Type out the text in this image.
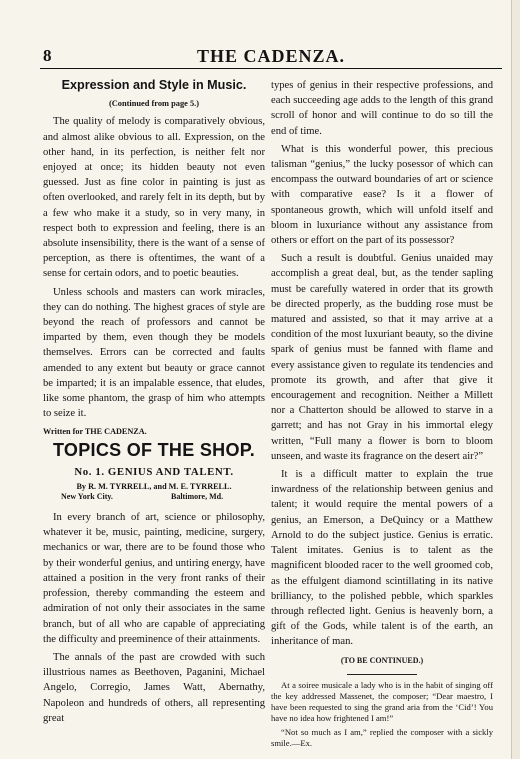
8	THE CADENZA.

Expression and Style in Music.

(Continued from page 5.)

The quality of melody is comparatively obvious, and almost alike obvious to all. Expression, on the other hand, in its perfection, is neither felt nor enjoyed at once; its hidden beauty not even guessed. Just as fine color in painting is just as often overlooked, and rarely felt in its depth, but by a few who make it a study, so in very many, in respect both to expression and feeling, there is an absolute insensibility, there is the want of a sense of perception, as there is oftentimes, the want of a sense for certain odors, and to poetic beauties.

Unless schools and masters can work miracles, they can do nothing. The highest graces of style are beyond the reach of professors and cannot be imparted by them, even though they be models themselves. Errors can be corrected and faults amended to any extent but beauty or grace cannot be imparted; it is an impalable essence, that eludes, like some phantom, the grasp of him who attempts to seize it.

Written for THE CADENZA.

TOPICS OF THE SHOP.
No. 1. GENIUS AND TALENT.
By R. M. TYRRELL, and M. E. TYRRELL.
New York City.	Baltimore, Md.

In every branch of art, science or philosophy, whatever it be, music, painting, medicine, surgery, mechanics or war, there are to be found those who by their wonderful genius, and untiring energy, have attained a position in the very front ranks of their profession, thereby commanding the esteem and admiration of not only their associates in the same branch, but of all who are capable of appreciating the difficulty and preeminence of their attainments.

The annals of the past are crowded with such illustrious names as Beethoven, Paganini, Michael Angelo, Corregio, James Watt, Abernathy, Napoleon and hundreds of others, all representing great

types of genius in their respective professions, and each succeeding age adds to the length of this grand scroll of honor and will continue to do so till the end of time.

What is this wonderful power, this precious talisman “genius,” the lucky posessor of which can encompass the outward boundaries of art or science with comparative ease? Is it a flower of spontaneous growth, which will unfold itself and bloom in luxuriance without any assistance from others or effort on the part of its possessor?

Such a result is doubtful. Genius unaided may accomplish a great deal, but, as the tender sapling must be carefully watered in order that its growth be directed properly, as the budding rose must be matured and assisted, so that it may arrive at a condition of the most luxuriant beauty, so the divine spark of genius must be fanned with flame and every assistance given to regulate its tendencies and promote its growth, and after that give it encouragement and recognition. Neither a Millett nor a Chatterton should be allowed to starve in a garrett; and has not Gray in his immortal elegy written, “Full many a flower is born to bloom unseen, and waste its fragrance on the desert air?”

It is a difficult matter to explain the true inwardness of the relationship between genius and talent; it would require the mental powers of a genius, an Emerson, a DeQuincy or a Matthew Arnold to do the subject justice. Genius is erratic. Talent imitates. Genius is to talent as the magnificent blooded racer to the well groomed cob, as the effulgent diamond scintillating in its native brilliancy, to the polished pebble, which sparkles through reflected light. Genius is heavenly born, a gift of the Gods, while talent is of the earth, an inheritance of man.

(TO BE CONTINUED.)

At a soiree musicale a lady who is in the habit of singing off the key addressed Massenet, the composer; “Dear maestro, I have been requested to sing the grand aria from the ‘Cid’! You have no idea how frightened I am!”

“Not so much as I am,” replied the composer with a sickly smile.—Ex.
